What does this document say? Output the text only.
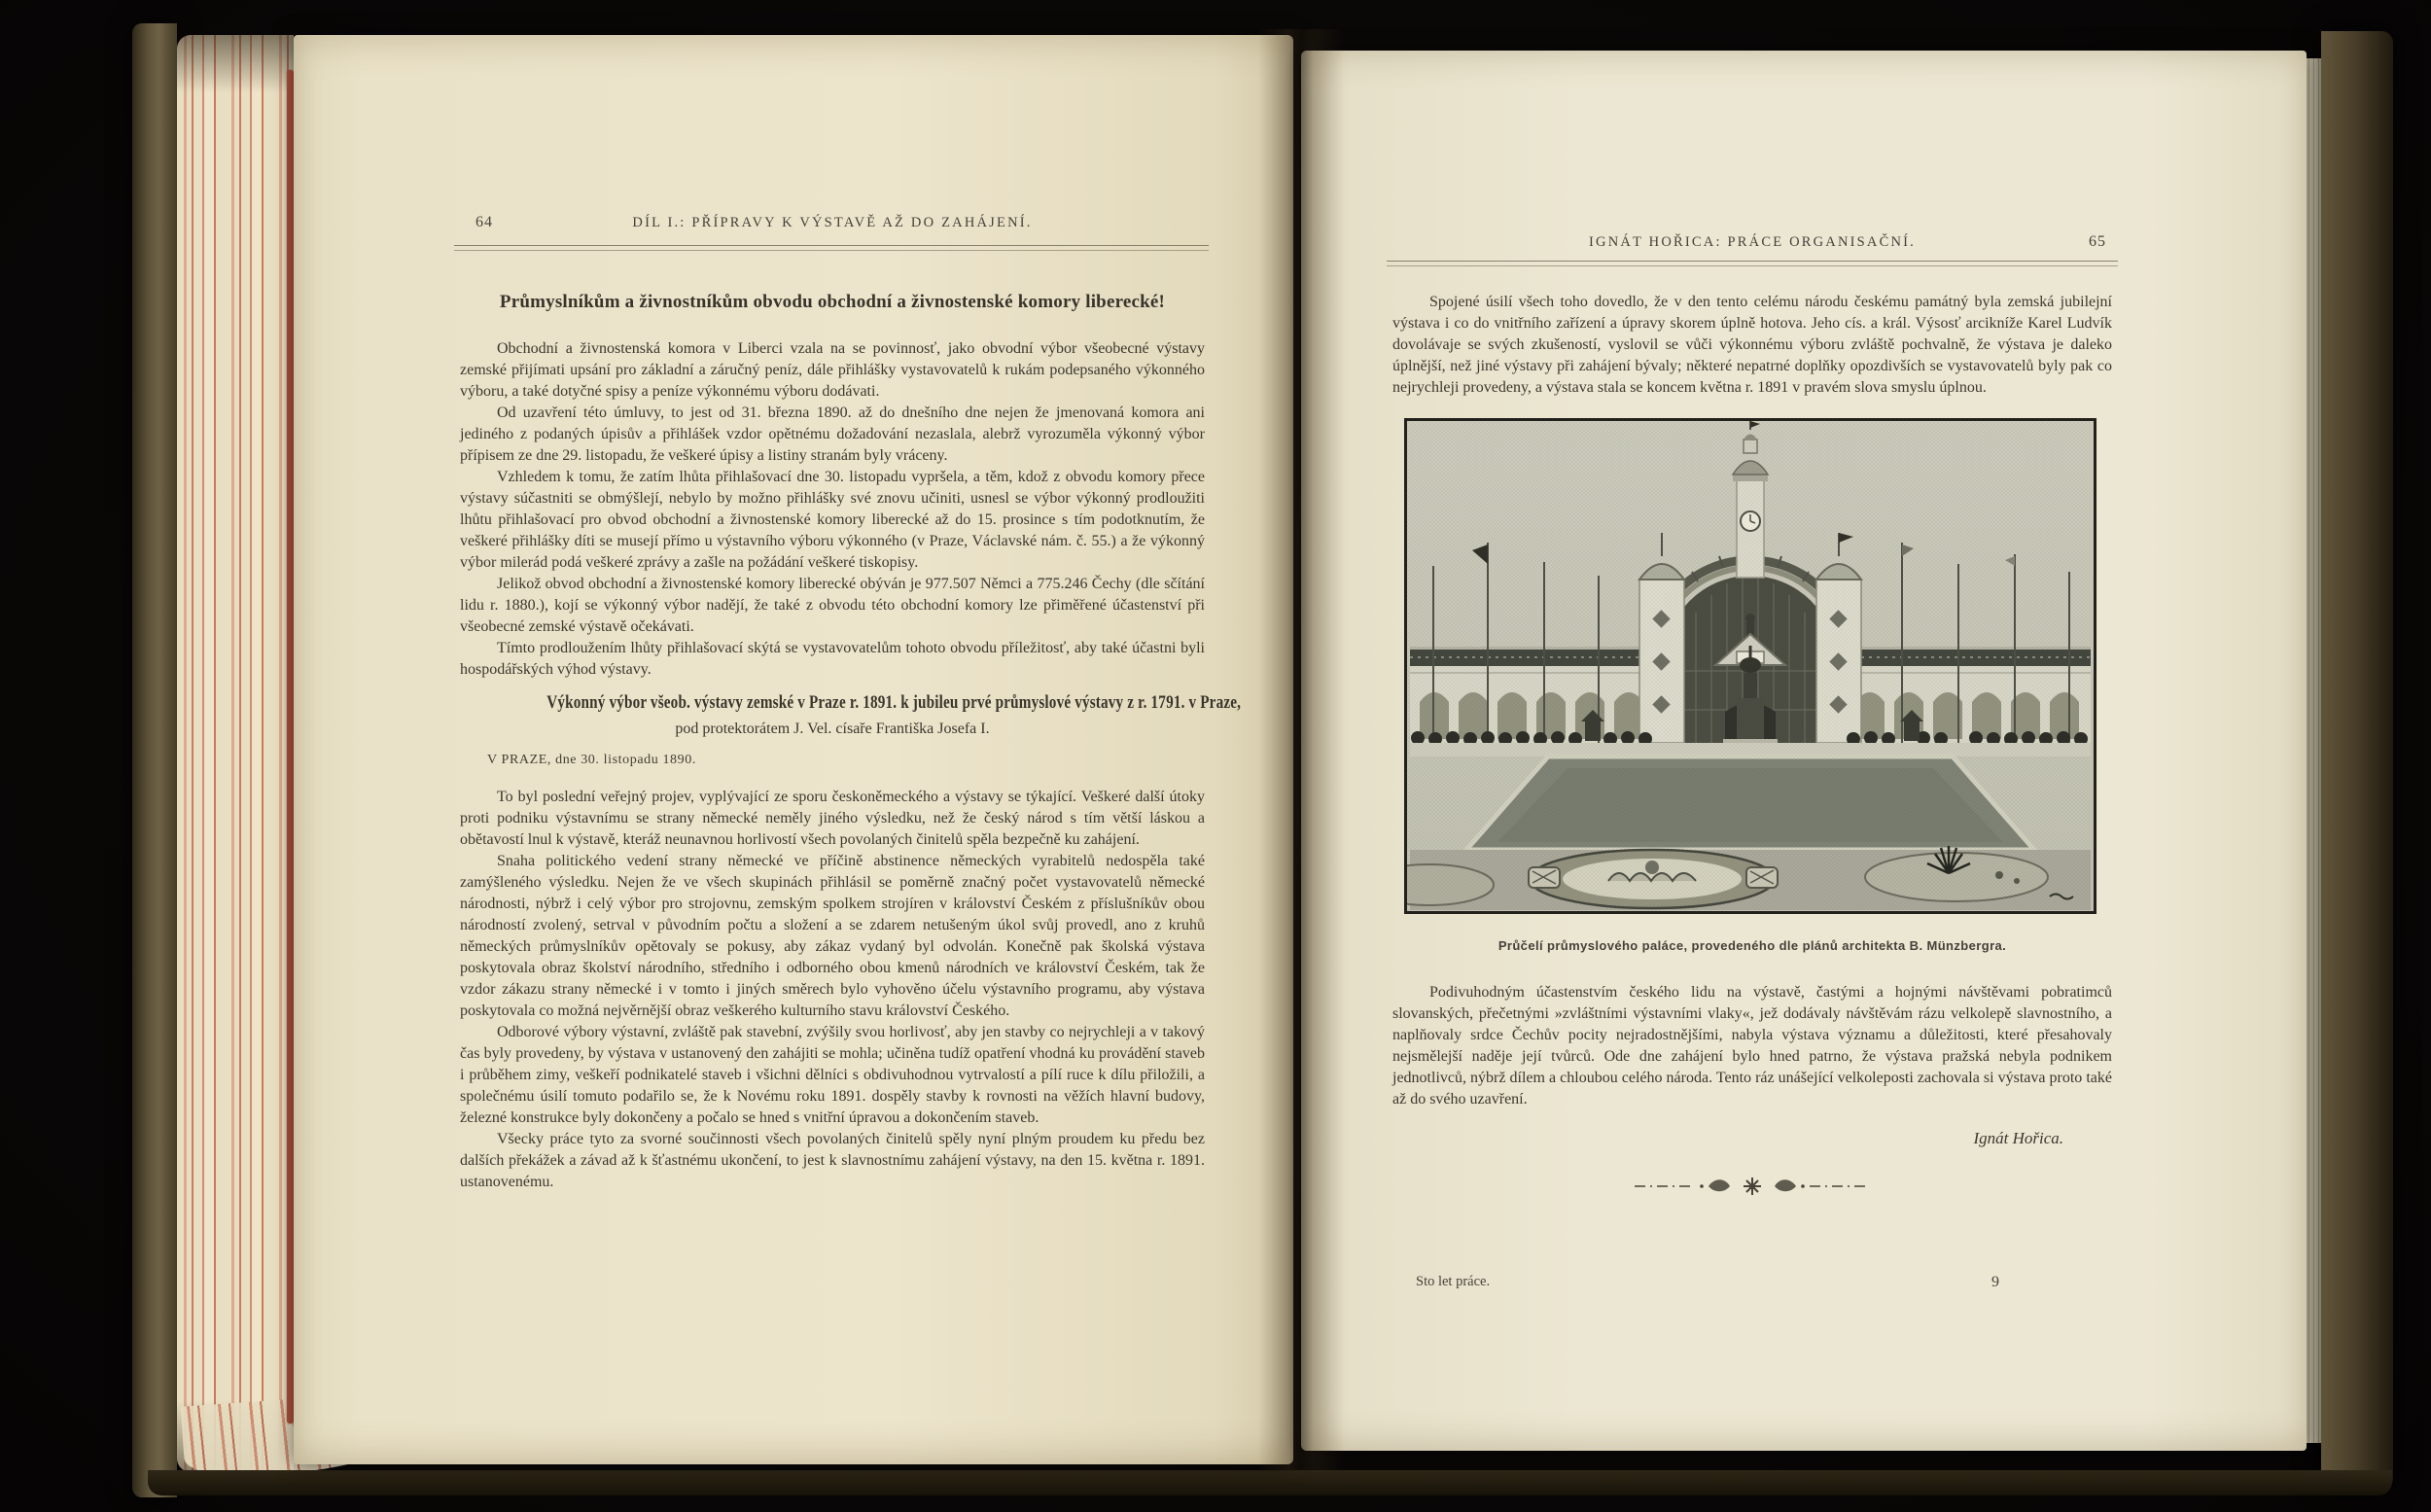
64	DÍL I.: PŘÍPRAVY K VÝSTAVĚ AŽ DO ZAHÁJENÍ.
Průmyslníkům a živnostníkům obvodu obchodní a živnostenské komory liberecké!

Obchodní a živnostenská komora v Liberci vzala na se povinnosť, jako obvodní výbor všeobecné výstavy zemské přijímati upsání pro základní a záručný peníz, dále přihlášky vystavovatelů k rukám podepsaného výkonného výboru, a také dotyčné spisy a peníze výkonnému výboru dodávati.

Od uzavření této úmluvy, to jest od 31. března 1890. až do dnešního dne nejen že jmenovaná komora ani jediného z podaných úpisův a přihlášek vzdor opětnému dožadování nezaslala, alebrž vyrozuměla výkonný výbor přípisem ze dne 29. listopadu, že veškeré úpisy a listiny stranám byly vráceny.

Vzhledem k tomu, že zatím lhůta přihlašovací dne 30. listopadu vypršela, a těm, kdož z obvodu komory přece výstavy súčastniti se obmýšlejí, nebylo by možno přihlášky své znovu učiniti, usnesl se výbor výkonný prodloužiti lhůtu přihlašovací pro obvod obchodní a živnostenské komory liberecké až do 15. prosince s tím podotknutím, že veškeré přihlášky díti se musejí přímo u výstavního výboru výkonného (v Praze, Václavské nám. č. 55.) a že výkonný výbor milerád podá veškeré zprávy a zašle na požádání veškeré tiskopisy.

Jelikož obvod obchodní a živnostenské komory liberecké obýván je 977.507 Němci a 775.246 Čechy (dle sčítání lidu r. 1880.), kojí se výkonný výbor nadějí, že také z obvodu této obchodní komory lze přiměřené účastenství při všeobecné zemské výstavě očekávati.

Tímto prodloužením lhůty přihlašovací skýtá se vystavovatelům tohoto obvodu příležitosť, aby také účastni byli hospodářských výhod výstavy.

Výkonný výbor všeob. výstavy zemské v Praze r. 1891. k jubileu prvé průmyslové výstavy z r. 1791. v Praze,
pod protektorátem J. Vel. císaře Františka Josefa I.
V PRAZE, dne 30. listopadu 1890.

To byl poslední veřejný projev, vyplývající ze sporu českoněmeckého a výstavy se týkající. Veškeré další útoky proti podniku výstavnímu se strany německé neměly jiného výsledku, než že český národ s tím větší láskou a obětavostí lnul k výstavě, kteráž neunavnou horlivostí všech povolaných činitelů spěla bezpečně ku zahájení.

Snaha politického vedení strany německé ve příčině abstinence německých vyrabitelů nedospěla také zamýšleného výsledku. Nejen že ve všech skupinách přihlásil se poměrně značný počet vystavovatelů německé národnosti, nýbrž i celý výbor pro strojovnu, zemským spolkem strojíren v království Českém z příslušníkův obou národností zvolený, setrval v původním počtu a složení a se zdarem netušeným úkol svůj provedl, ano z kruhů německých průmyslníkův opětovaly se pokusy, aby zákaz vydaný byl odvolán. Konečně pak školská výstava poskytovala obraz školství národního, středního i odborného obou kmenů národních ve království Českém, tak že vzdor zákazu strany německé i v tomto i jiných směrech bylo vyhověno účelu výstavního programu, aby výstava poskytovala co možná nejvěrnější obraz veškerého kulturního stavu království Českého.

Odborové výbory výstavní, zvláště pak stavební, zvýšily svou horlivosť, aby jen stavby co nejrychleji a v takový čas byly provedeny, by výstava v ustanovený den zahájiti se mohla; učiněna tudíž opatření vhodná ku provádění staveb i průběhem zimy, veškeří podnikatelé staveb i všichni dělníci s obdivuhodnou vytrvalostí a pílí ruce k dílu přiložili, a společnému úsilí tomuto podařilo se, že k Novému roku 1891. dospěly stavby k rovnosti na věžích hlavní budovy, železné konstrukce byly dokončeny a počalo se hned s vnitřní úpravou a dokončením staveb.

Všecky práce tyto za svorné součinnosti všech povolaných činitelů spěly nyní plným proudem ku předu bez dalších překážek a závad až k šťastnému ukončení, to jest k slavnostnímu zahájení výstavy, na den 15. května r. 1891. ustanovenému.

IGNÁT HOŘICA: PRÁCE ORGANISAČNÍ.	65

Spojené úsilí všech toho dovedlo, že v den tento celému národu českému památný byla zemská jubilejní výstava i co do vnitřního zařízení a úpravy skorem úplně hotova. Jeho cís. a král. Výsosť arcikníže Karel Ludvík dovolávaje se svých zkušeností, vyslovil se vůči výkonnému výboru zvláště pochvalně, že výstava je daleko úplnější, než jiné výstavy při zahájení bývaly; některé nepatrné doplňky opozdivších se vystavovatelů byly pak co nejrychleji provedeny, a výstava stala se koncem května r. 1891 v pravém slova smyslu úplnou.

Průčelí průmyslového paláce, provedeného dle plánů architekta B. Münzbergra.

Podivuhodným účastenstvím českého lidu na výstavě, častými a hojnými návštěvami pobratimců slovanských, přečetnými »zvláštními výstavními vlaky«, jež dodávaly návštěvám rázu velkolepě slavnostního, a naplňovaly srdce Čechův pocity nejradostnějšími, nabyla výstava významu a důležitosti, které přesahovaly nejsmělejší naděje její tvůrců. Ode dne zahájení bylo hned patrno, že výstava pražská nebyla podnikem jednotlivců, nýbrž dílem a chloubou celého národa. Tento ráz unášející velkoleposti zachovala si výstava proto také až do svého uzavření.

Ignát Hořica.
Sto let práce.	9
